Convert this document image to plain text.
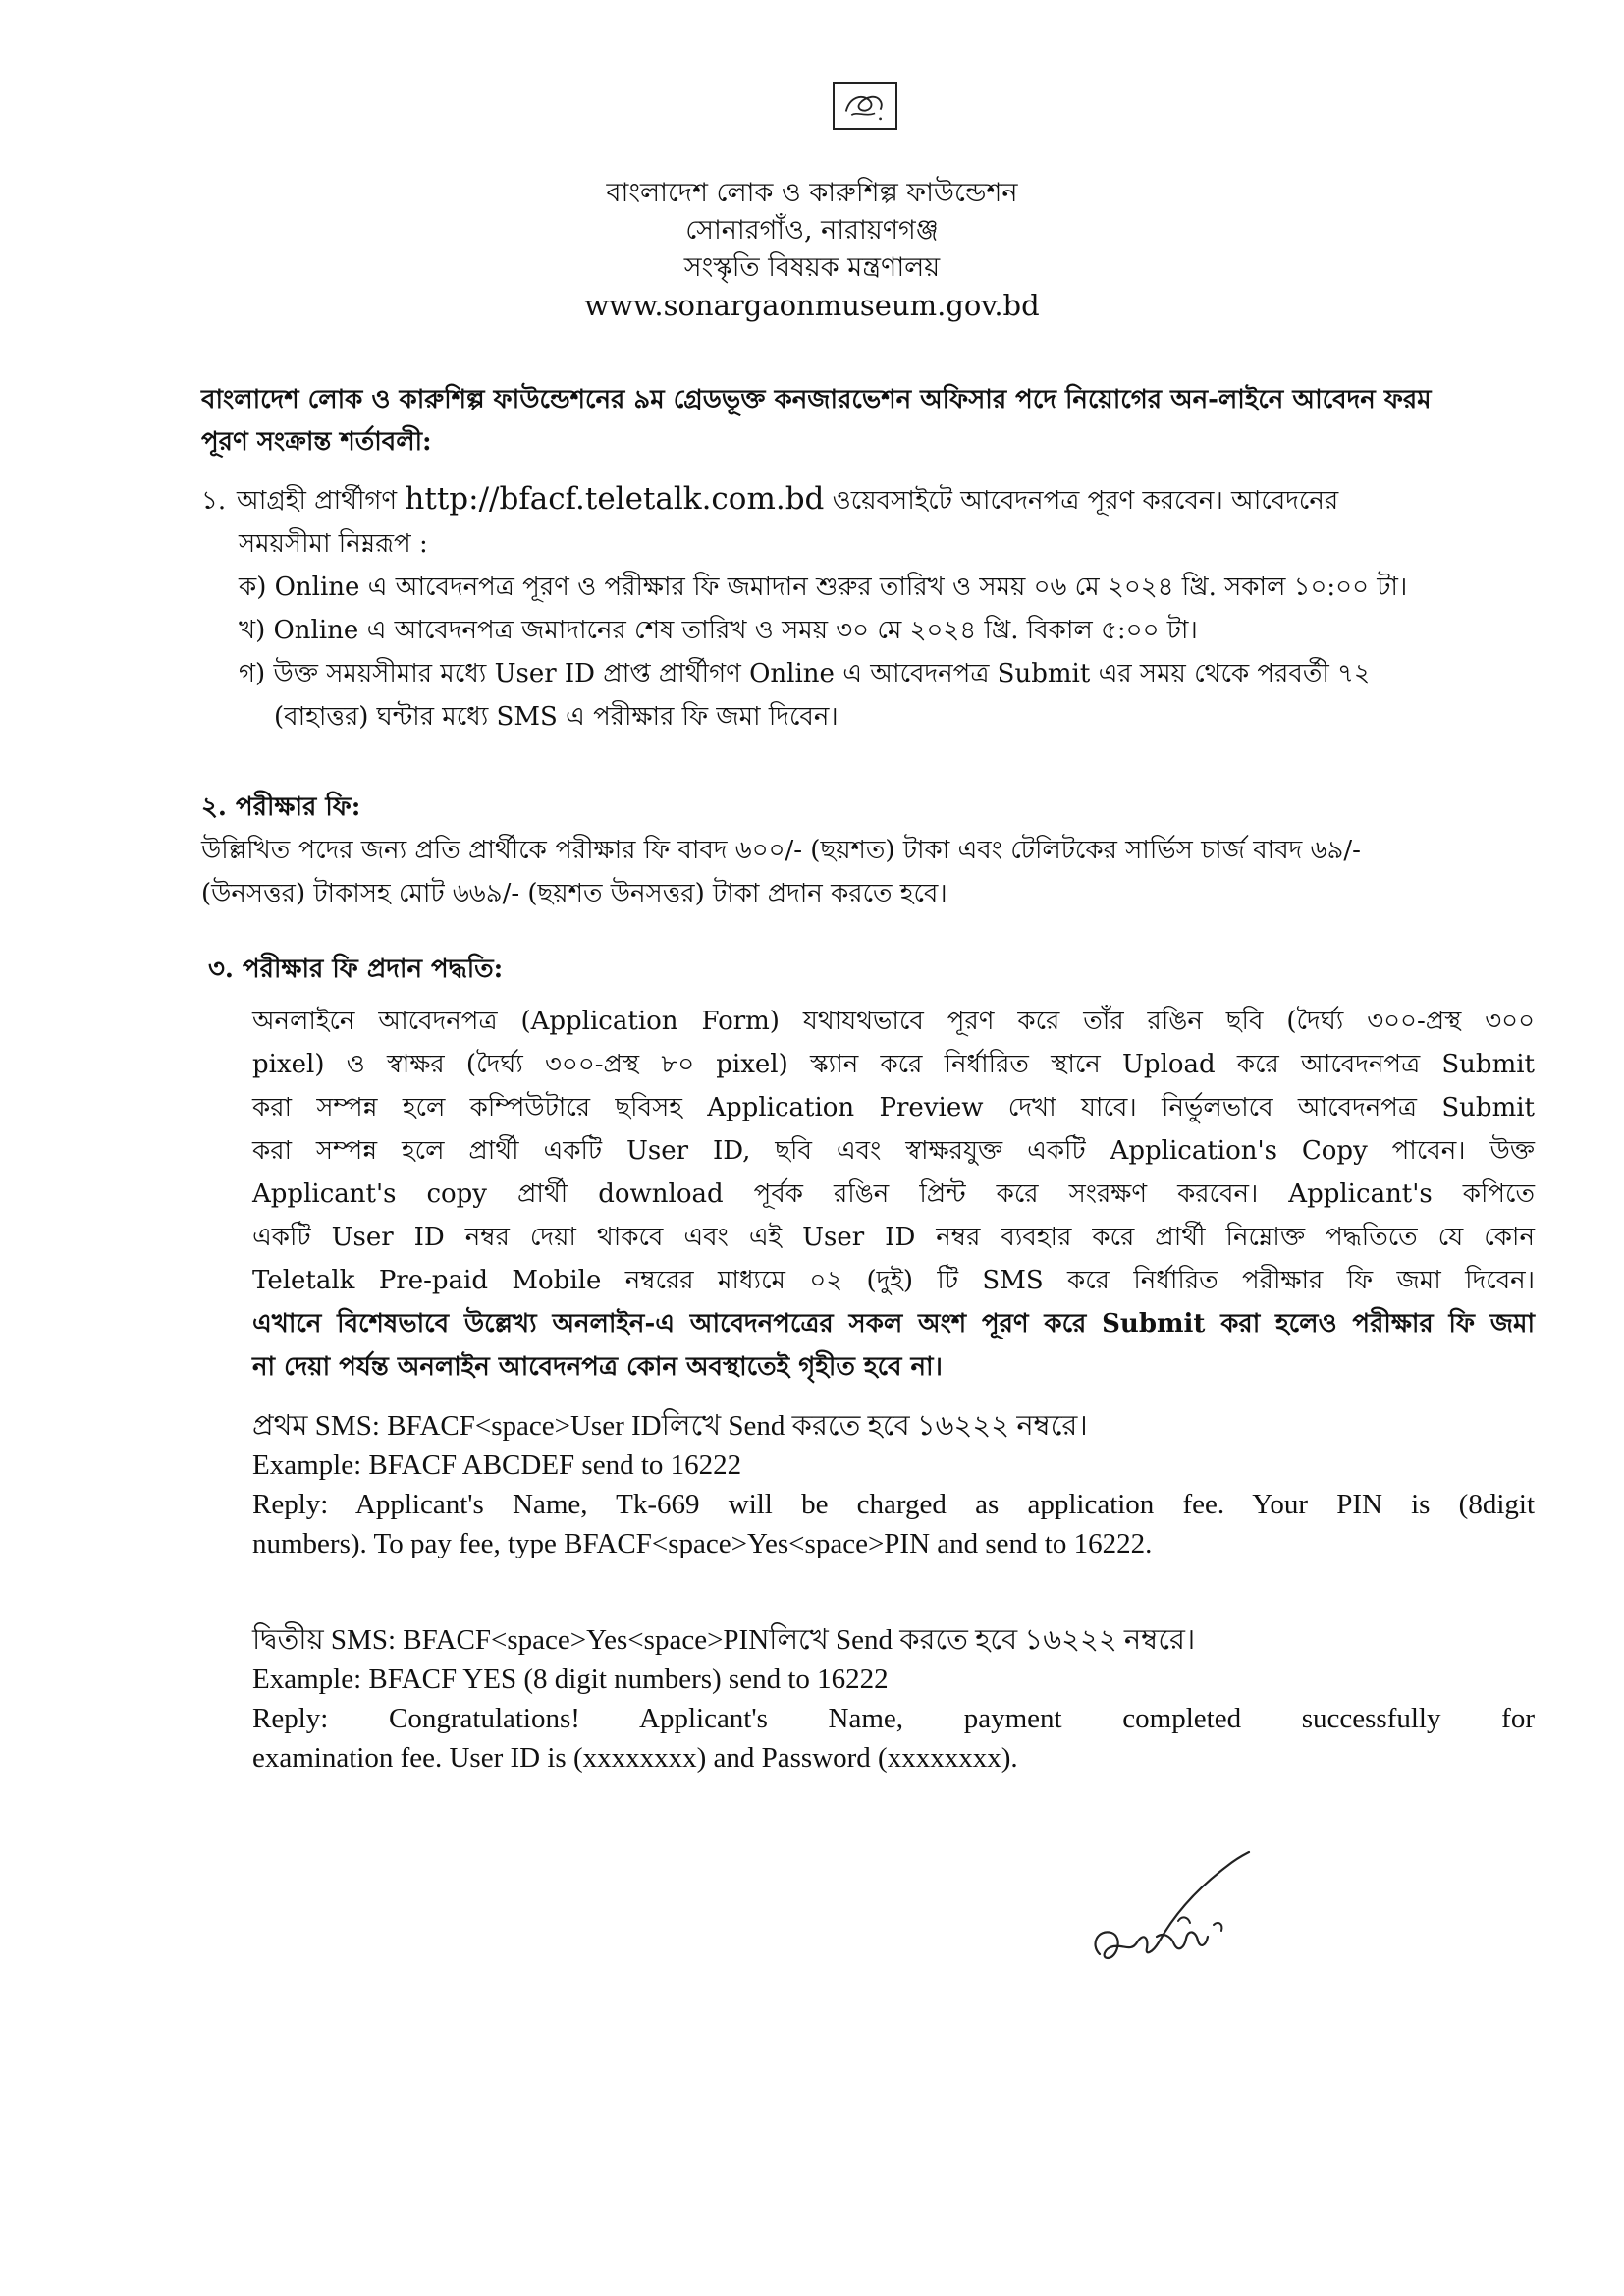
বাংলাদেশ লোক ও কারুশিল্প ফাউন্ডেশন
সোনারগাঁও, নারায়ণগঞ্জ
সংস্কৃতি বিষয়ক মন্ত্রণালয়
www.sonargaonmuseum.gov.bd
বাংলাদেশ লোক ও কারুশিল্প ফাউন্ডেশনের ৯ম গ্রেডভূক্ত কনজারভেশন অফিসার পদে নিয়োগের অন-লাইনে আবেদন ফরম
পূরণ সংক্রান্ত শর্তাবলী:
১. আগ্রহী প্রার্থীগণ http://bfacf.teletalk.com.bd ওয়েবসাইটে আবেদনপত্র পূরণ করবেন। আবেদনের
সময়সীমা নিম্নরূপ :
ক) Online এ আবেদনপত্র পূরণ ও পরীক্ষার ফি জমাদান শুরুর তারিখ ও সময় ০৬ মে ২০২৪ খ্রি. সকাল ১০:০০ টা।
খ) Online এ আবেদনপত্র জমাদানের শেষ তারিখ ও সময় ৩০ মে ২০২৪ খ্রি. বিকাল ৫:০০ টা।
গ) উক্ত সময়সীমার মধ্যে User ID প্রাপ্ত প্রার্থীগণ Online এ আবেদনপত্র Submit এর সময় থেকে পরবর্তী ৭২
(বাহাত্তর) ঘন্টার মধ্যে SMS এ পরীক্ষার ফি জমা দিবেন।
২. পরীক্ষার ফি:
উল্লিখিত পদের জন্য প্রতি প্রার্থীকে পরীক্ষার ফি বাবদ ৬০০/- (ছয়শত) টাকা এবং টেলিটকের সার্ভিস চার্জ বাবদ ৬৯/-
(উনসত্তর) টাকাসহ মোট ৬৬৯/- (ছয়শত উনসত্তর) টাকা প্রদান করতে হবে।
৩. পরীক্ষার ফি প্রদান পদ্ধতি:
অনলাইনে আবেদনপত্র (Application Form) যথাযথভাবে পূরণ করে তাঁর রঙিন ছবি (দৈর্ঘ্য ৩০০-প্রস্থ ৩০০
pixel) ও স্বাক্ষর (দৈর্ঘ্য ৩০০-প্রস্থ ৮০ pixel) স্ক্যান করে নির্ধারিত স্থানে Upload করে আবেদনপত্র Submit
করা সম্পন্ন হলে কম্পিউটারে ছবিসহ Application Preview দেখা যাবে। নির্ভুলভাবে আবেদনপত্র Submit
করা সম্পন্ন হলে প্রার্থী একটি User ID, ছবি এবং স্বাক্ষরযুক্ত একটি Application's Copy পাবেন। উক্ত
Applicant's copy প্রার্থী download পূর্বক রঙিন প্রিন্ট করে সংরক্ষণ করবেন। Applicant's কপিতে
একটি User ID নম্বর দেয়া থাকবে এবং এই User ID নম্বর ব্যবহার করে প্রার্থী নিম্নোক্ত পদ্ধতিতে যে কোন
Teletalk Pre-paid Mobile নম্বরের মাধ্যমে ০২ (দুই) টি SMS করে নির্ধারিত পরীক্ষার ফি জমা দিবেন।
এখানে বিশেষভাবে উল্লেখ্য অনলাইন-এ আবেদনপত্রের সকল অংশ পূরণ করে Submit করা হলেও পরীক্ষার ফি জমা
না দেয়া পর্যন্ত অনলাইন আবেদনপত্র কোন অবস্থাতেই গৃহীত হবে না।
প্রথম SMS: BFACF<space>User IDলিখে Send করতে হবে ১৬২২২ নম্বরে।
Example: BFACF ABCDEF send to 16222
Reply: Applicant's Name, Tk-669 will be charged as application fee. Your PIN is (8digit
numbers). To pay fee, type BFACF<space>Yes<space>PIN and send to 16222.
দ্বিতীয় SMS: BFACF<space>Yes<space>PINলিখে Send করতে হবে ১৬২২২ নম্বরে।
Example: BFACF YES (8 digit numbers) send to 16222
Reply: Congratulations! Applicant's Name, payment completed successfully for
examination fee. User ID is (xxxxxxxx) and Password (xxxxxxxx).
